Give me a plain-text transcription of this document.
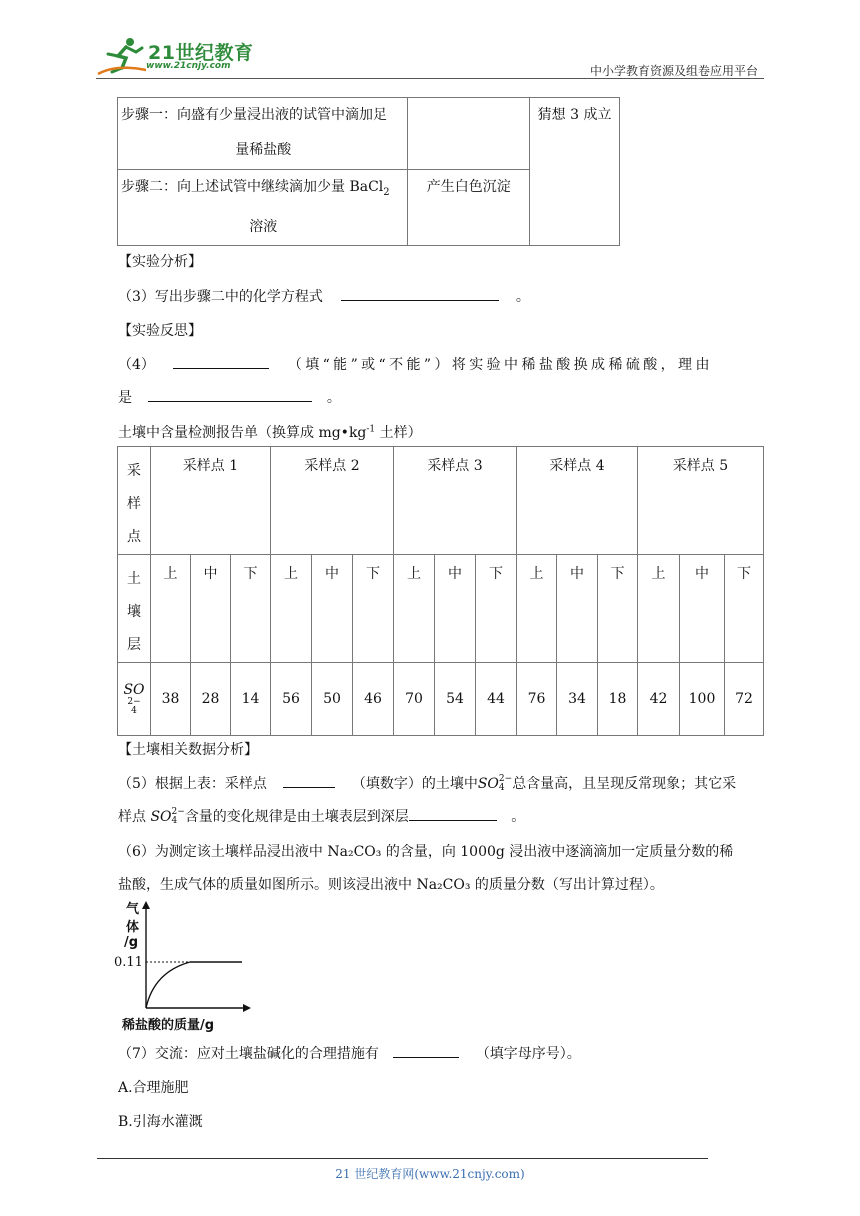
21世纪教育
www.21cnjy.com	中小学教育资源及组卷应用平台
步骤一：向盛有少量浸出液的试管中滴加足
量稀盐酸		猜想 3 成立
步骤二：向上述试管中继续滴加少量 BaCl$_2$
溶液	产生白色沉淀	
【实验分析】
（3）写出步骤二中的化学方程式	。
【实验反思】
（4）	（填“能”或“不能”）将实验中稀盐酸换成稀硫酸，理由
是	。
土壤中含量检测报告单（换算成 $mg•kg^{-1}$ 土样）
采
样
点	采样点 1			采样点 2			采样点 3			采样点 4			采样点 5		

土
壤
层	上	中	下	上	中	下	上	中	下	上	中	下	上	中	下
SO
2−
4	38	28	14	56	50	46	70	54	44	76	34	18	42	100	72
【土壤相关数据分析】
（5）根据上表：采样点	（填数字）的土壤中SO 2−
4 总含量高，且呈现反常现象；其它采
样点 SO 2−
4 含量的变化规律是由土壤表层到深层	。
（6）为测定该土壤样品浸出液中 Na₂CO₃ 的含量，向 1000g 浸出液中逐滴滴加一定质量分数的稀
盐酸，生成气体的质量如图所示。则该浸出液中 Na₂CO₃ 的质量分数（写出计算过程）。
气
体
/g
0.11
稀盐酸的质量/g
（7）交流：应对土壤盐碱化的合理措施有	（填字母序号）。
A.合理施肥
B.引海水灌溉
21 世纪教育网(www.21cnjy.com)
